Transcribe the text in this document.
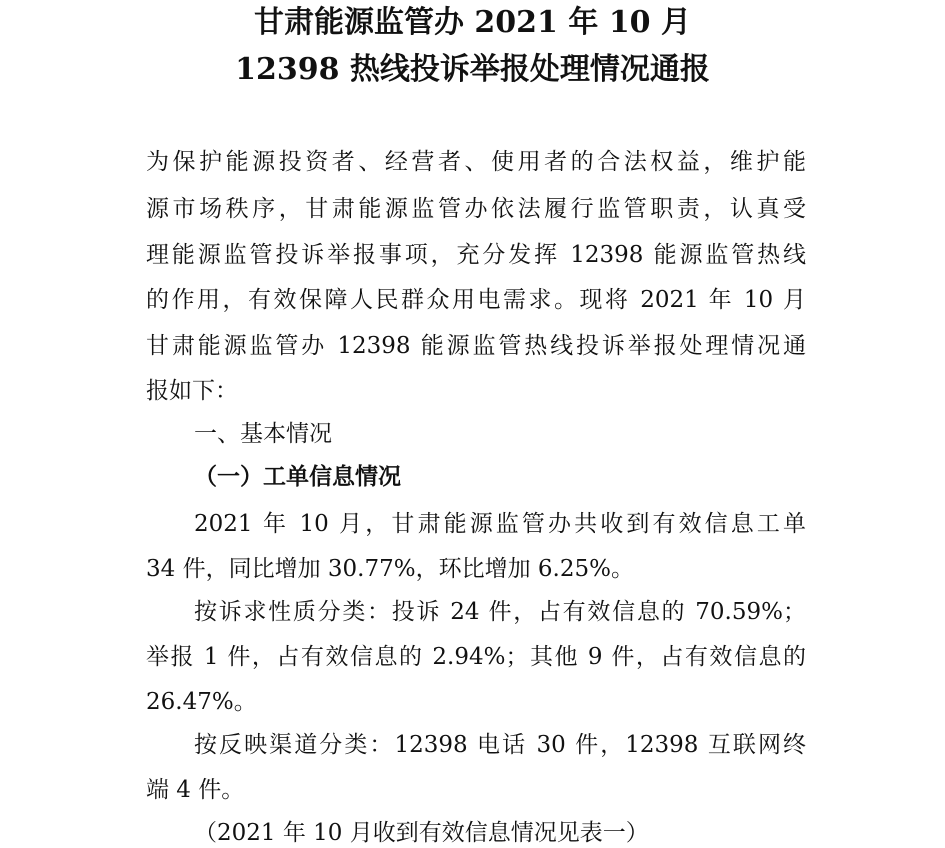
甘肃能源监管办 2021 年 10 月
12398 热线投诉举报处理情况通报
为保护能源投资者、经营者、使用者的合法权益，维护能
源市场秩序，甘肃能源监管办依法履行监管职责，认真受
理能源监管投诉举报事项，充分发挥 12398 能源监管热线
的作用，有效保障人民群众用电需求。现将 2021 年 10 月
甘肃能源监管办 12398 能源监管热线投诉举报处理情况通
报如下：
一、基本情况
（一）工单信息情况
2021 年 10 月，甘肃能源监管办共收到有效信息工单
34 件，同比增加 30.77%，环比增加 6.25%。
按诉求性质分类：投诉 24 件，占有效信息的 70.59%；
举报 1 件，占有效信息的 2.94%；其他 9 件，占有效信息的
26.47%。
按反映渠道分类：12398 电话 30 件，12398 互联网终
端 4 件。
（2021 年 10 月收到有效信息情况见表一）
